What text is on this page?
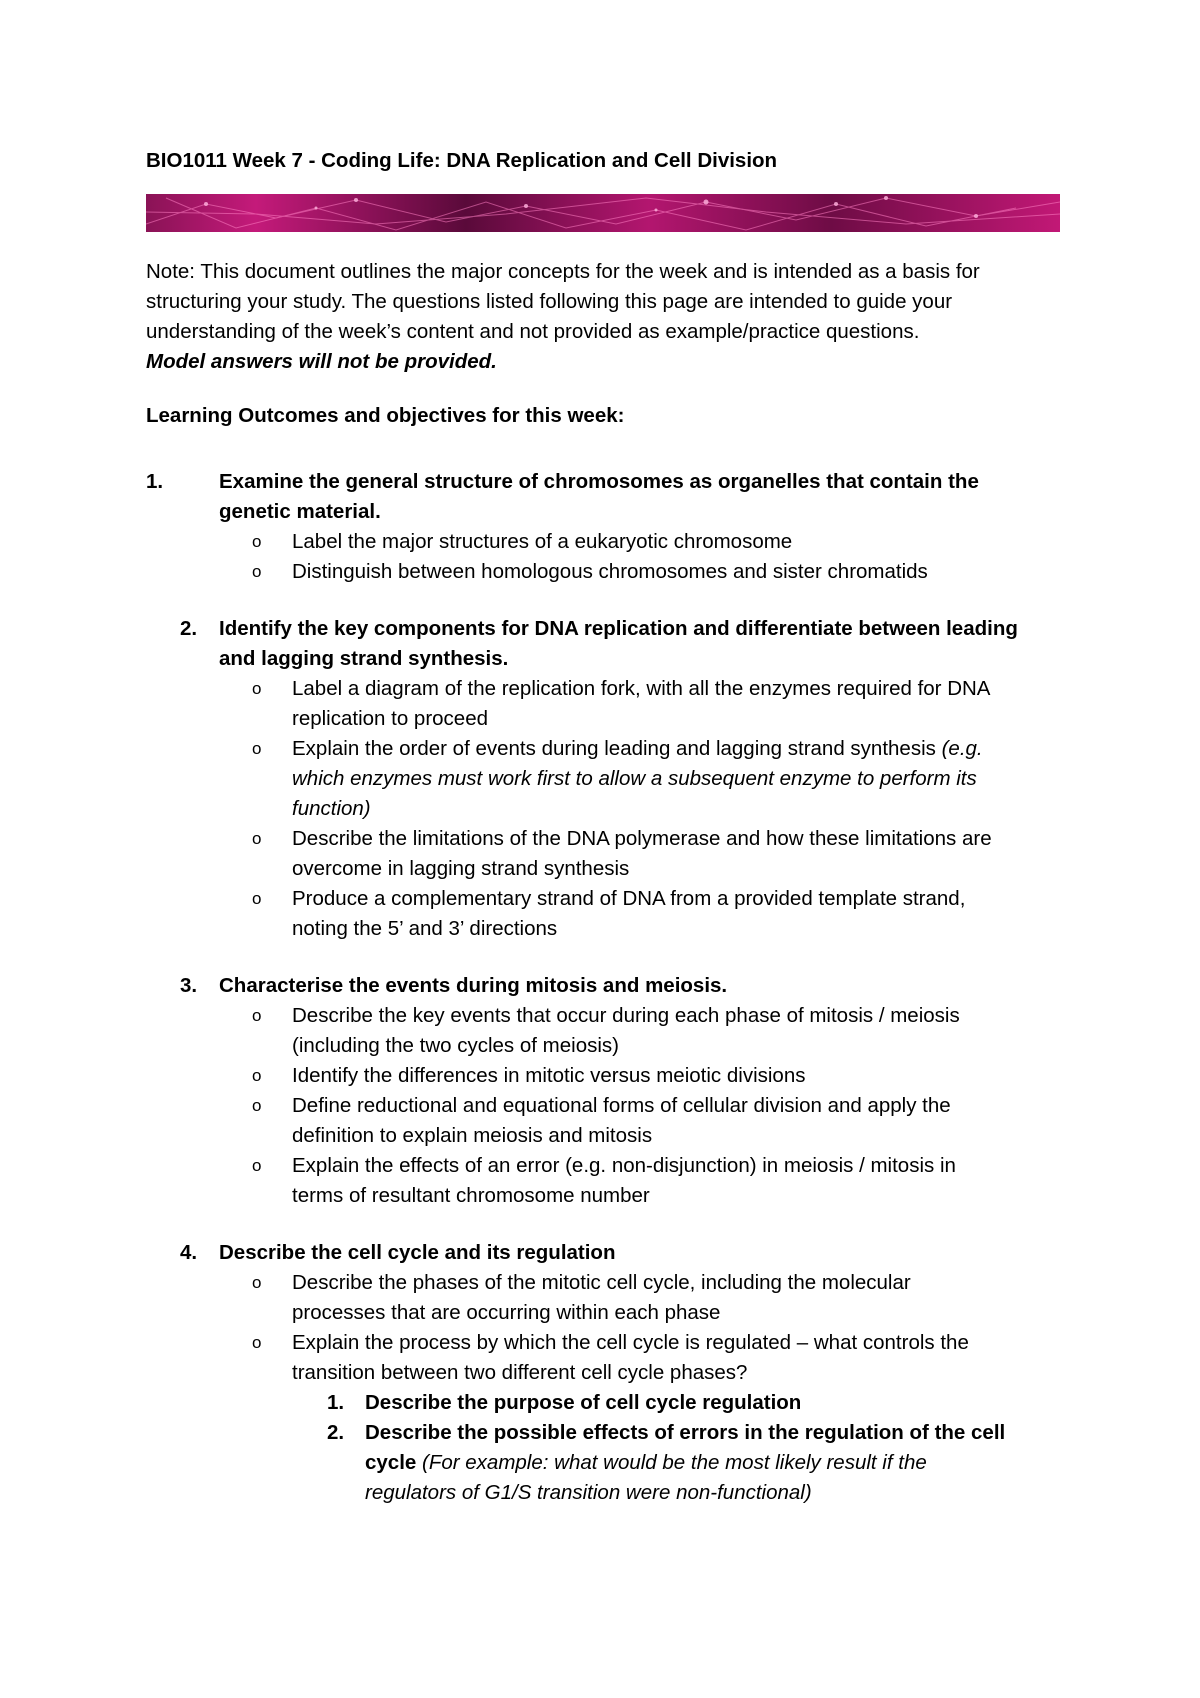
BIO1011 Week 7 - Coding Life: DNA Replication and Cell Division

Note: This document outlines the major concepts for the week and is intended as a basis for

structuring your study. The questions listed following this page are intended to guide your

understanding of the week’s content and not provided as example/practice questions.

Model answers will not be provided.

Learning Outcomes and objectives for this week:
1.	Examine the general structure of chromosomes as organelles that contain the
genetic material.
o Label the major structures of a eukaryotic chromosome
o Distinguish between homologous chromosomes and sister chromatids
2. Identify the key components for DNA replication and differentiate between leading
and lagging strand synthesis.
o Label a diagram of the replication fork, with all the enzymes required for DNA
replication to proceed
o Explain the order of events during leading and lagging strand synthesis (e.g.
which enzymes must work first to allow a subsequent enzyme to perform its
function)
o Describe the limitations of the DNA polymerase and how these limitations are
overcome in lagging strand synthesis
o Produce a complementary strand of DNA from a provided template strand,
noting the 5’ and 3’ directions
3. Characterise the events during mitosis and meiosis.
o Describe the key events that occur during each phase of mitosis / meiosis
(including the two cycles of meiosis)
o Identify the differences in mitotic versus meiotic divisions
o Define reductional and equational forms of cellular division and apply the
definition to explain meiosis and mitosis
o Explain the effects of an error (e.g. non-disjunction) in meiosis / mitosis in
terms of resultant chromosome number
4. Describe the cell cycle and its regulation
o Describe the phases of the mitotic cell cycle, including the molecular
processes that are occurring within each phase
o Explain the process by which the cell cycle is regulated – what controls the
transition between two different cell cycle phases?
1. Describe the purpose of cell cycle regulation
2. Describe the possible effects of errors in the regulation of the cell
cycle (For example: what would be the most likely result if the
regulators of G1/S transition were non-functional)
